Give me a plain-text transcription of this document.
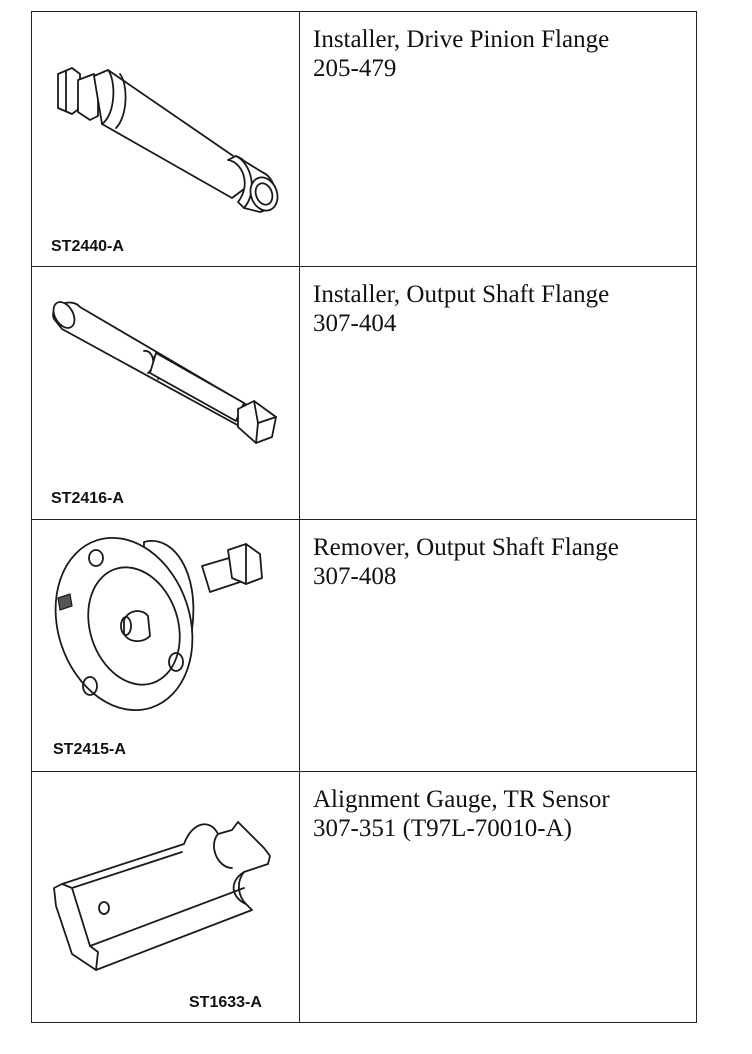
ST2440-A
Installer, Drive Pinion Flange
205-479
ST2416-A
Installer, Output Shaft Flange
307-404
ST2415-A
Remover, Output Shaft Flange
307-408
ST1633-A
Alignment Gauge, TR Sensor
307-351 (T97L-70010-A)
